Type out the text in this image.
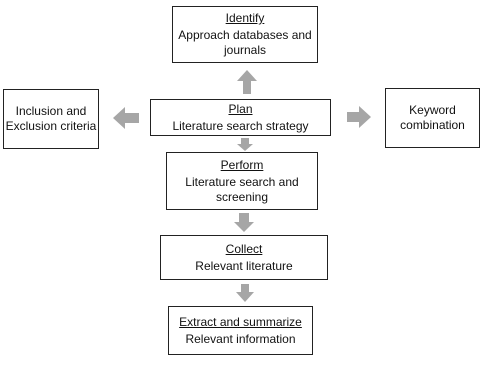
Identify
Approach databases and
journals
Plan
Literature search strategy
Inclusion and
Exclusion criteria
Keyword
combination
Perform
Literature search and
screening
Collect
Relevant literature
Extract and summarize
Relevant information
